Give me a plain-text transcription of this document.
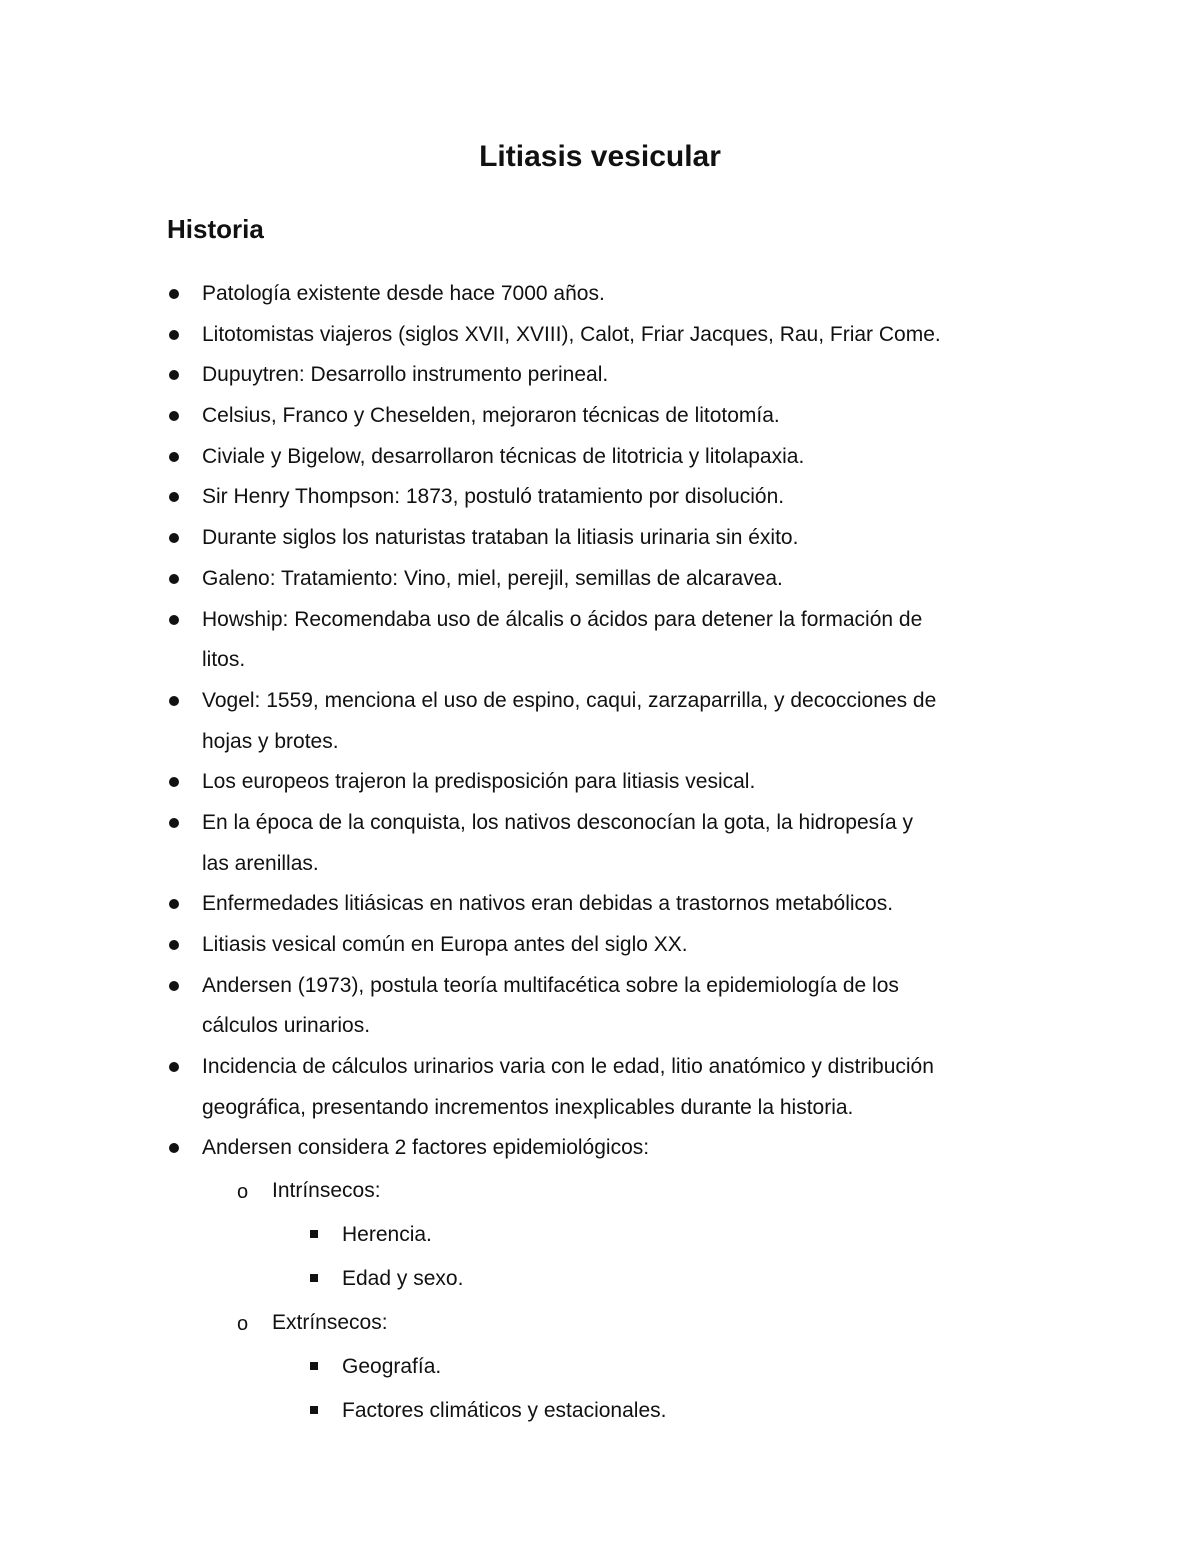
Litiasis vesicular
Historia
Patología existente desde hace 7000 años.
Litotomistas viajeros (siglos XVII, XVIII), Calot, Friar Jacques, Rau, Friar Come.
Dupuytren: Desarrollo instrumento perineal.
Celsius, Franco y Cheselden, mejoraron técnicas de litotomía.
Civiale y Bigelow, desarrollaron técnicas de litotricia y litolapaxia.
Sir Henry Thompson: 1873, postuló tratamiento por disolución.
Durante siglos los naturistas trataban la litiasis urinaria sin éxito.
Galeno: Tratamiento: Vino, miel, perejil, semillas de alcaravea.
Howship: Recomendaba uso de álcalis o ácidos para detener la formación de
litos.
Vogel: 1559, menciona el uso de espino, caqui, zarzaparrilla, y decocciones de
hojas y brotes.
Los europeos trajeron la predisposición para litiasis vesical.
En la época de la conquista, los nativos desconocían la gota, la hidropesía y
las arenillas.
Enfermedades litiásicas en nativos eran debidas a trastornos metabólicos.
Litiasis vesical común en Europa antes del siglo XX.
Andersen (1973), postula teoría multifacética sobre la epidemiología de los
cálculos urinarios.
Incidencia de cálculos urinarios varia con le edad, litio anatómico y distribución
geográfica, presentando incrementos inexplicables durante la historia.
Andersen considera 2 factores epidemiológicos:
o Intrínsecos:
Herencia.
Edad y sexo.
o Extrínsecos:
Geografía.
Factores climáticos y estacionales.
